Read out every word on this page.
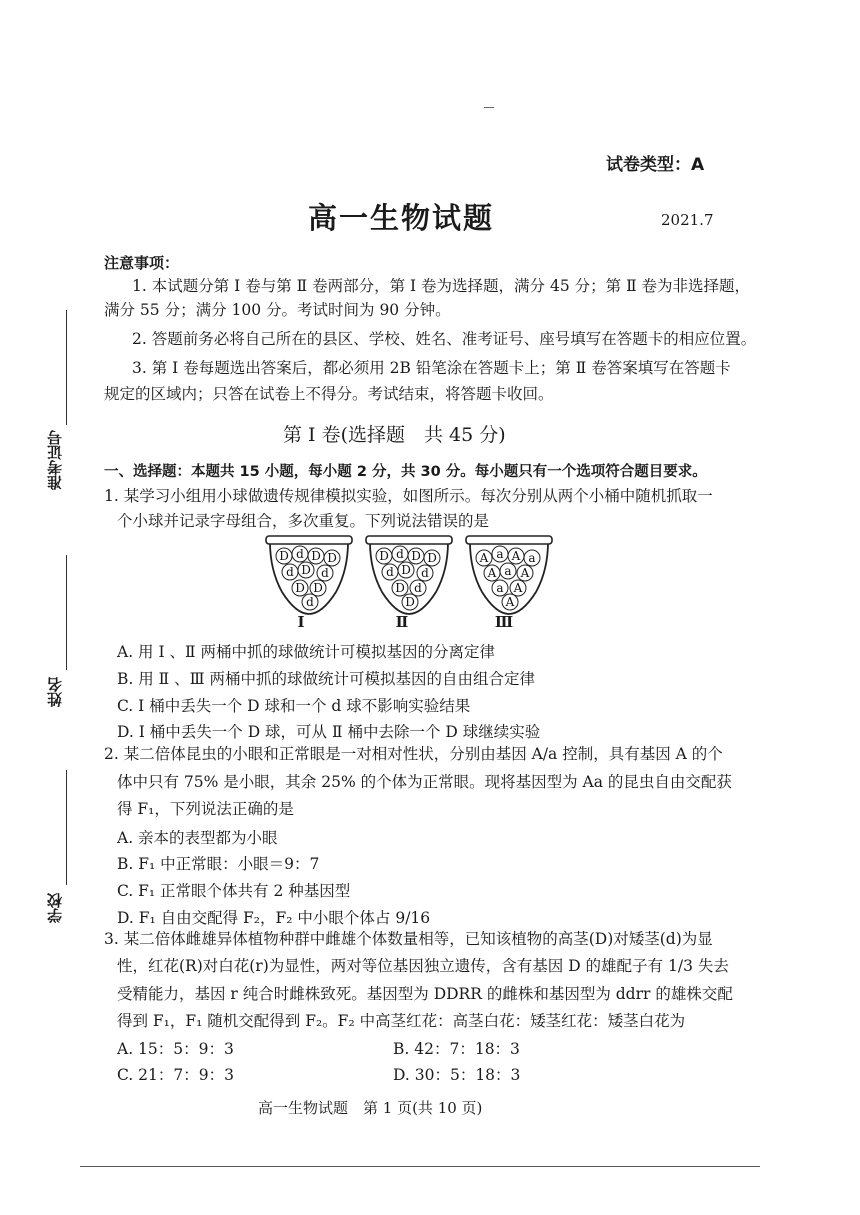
试卷类型：A
高一生物试题	2021.7
注意事项：
1. 本试题分第 Ⅰ 卷与第 Ⅱ 卷两部分，第 Ⅰ 卷为选择题，满分 45 分；第 Ⅱ 卷为非选择题，
满分 55 分；满分 100 分。考试时间为 90 分钟。
2. 答题前务必将自己所在的县区、学校、姓名、准考证号、座号填写在答题卡的相应位置。
3. 第 Ⅰ 卷每题选出答案后，都必须用 2B 铅笔涂在答题卡上；第 Ⅱ 卷答案填写在答题卡
规定的区域内；只答在试卷上不得分。考试结束，将答题卡收回。
第 Ⅰ 卷(选择题　共 45 分)
一、选择题：本题共 15 小题，每小题 2 分，共 30 分。每小题只有一个选项符合题目要求。
准考证号
姓名
学校
1. 某学习小组用小球做遗传规律模拟实验，如图所示。每次分别从两个小桶中随机抓取一
个小球并记录字母组合，多次重复。下列说法错误的是
D d D D
d D d
D D
d
D d D D
d D d
D d
D
A a A a
A a A
a A
A
Ⅰ	Ⅱ	Ⅲ
A. 用 Ⅰ 、Ⅱ 两桶中抓的球做统计可模拟基因的分离定律
B. 用 Ⅱ 、Ⅲ 两桶中抓的球做统计可模拟基因的自由组合定律
C. Ⅰ 桶中丢失一个 D 球和一个 d 球不影响实验结果
D. Ⅰ 桶中丢失一个 D 球，可从 Ⅱ 桶中去除一个 D 球继续实验
2. 某二倍体昆虫的小眼和正常眼是一对相对性状，分别由基因 A/a 控制，具有基因 A 的个
体中只有 75% 是小眼，其余 25% 的个体为正常眼。现将基因型为 Aa 的昆虫自由交配获
得 F₁，下列说法正确的是
A. 亲本的表型都为小眼
B. F₁ 中正常眼：小眼＝9：7
C. F₁ 正常眼个体共有 2 种基因型
D. F₁ 自由交配得 F₂，F₂ 中小眼个体占 9/16
3. 某二倍体雌雄异体植物种群中雌雄个体数量相等，已知该植物的高茎(D)对矮茎(d)为显
性，红花(R)对白花(r)为显性，两对等位基因独立遗传，含有基因 D 的雄配子有 1/3 失去
受精能力，基因 r 纯合时雌株致死。基因型为 DDRR 的雌株和基因型为 ddrr 的雄株交配
得到 F₁，F₁ 随机交配得到 F₂。F₂ 中高茎红花：高茎白花：矮茎红花：矮茎白花为
A. 15：5：9：3	B. 42：7：18：3
C. 21：7：9：3	D. 30：5：18：3
高一生物试题　第 1 页(共 10 页)
